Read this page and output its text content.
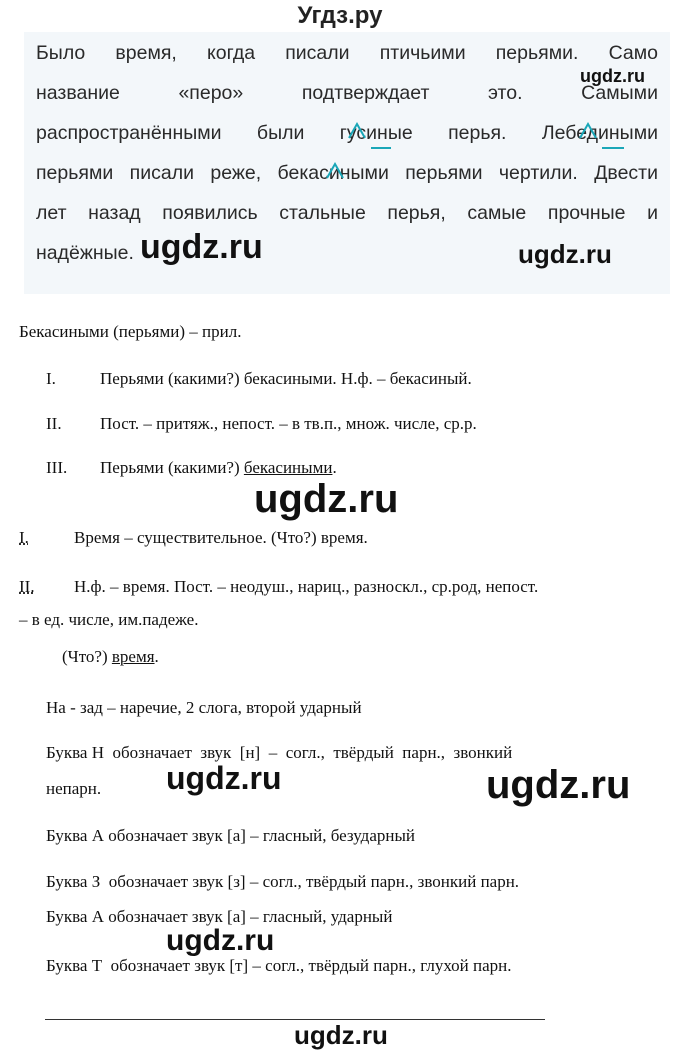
Угдз.ру

Было время, когда писали птичьими перьями. Само

название «перо» подтверждает это. Самыми

распространёнными были гусиные перья. Лебедиными

перьями писали реже, бекасиными перьями чертили. Двести

лет назад появились стальные перья, самые прочные и

надёжные.

ugdz.ru
ugdz.ru	ugdz.ru
ugdz.ru
ugdz.ru	ugdz.ru
ugdz.ru
ugdz.ru
Бекасиными (перьями) – прил.
I.	Перьями (какими?) бекасиными. Н.ф. – бекасиный.
II. Пост. – притяж., непост. – в тв.п., множ. числе, ср.р.
III. Перьями (какими?) бекасиными.
I.	Время – существительное. (Что?) время.
II. Н.ф. – время. Пост. – неодуш., нариц., разноскл., ср.род, непост.
– в ед. числе, им.падеже.
(Что?) время.
На - зад – наречие, 2 слога, второй ударный
Буква Н  обозначает  звук  [н]  –  согл.,  твёрдый  парн.,  звонкий
непарн.
Буква А обозначает звук [а] – гласный, безударный
Буква З  обозначает звук [з] – согл., твёрдый парн., звонкий парн.
Буква А обозначает звук [а] – гласный, ударный
Буква Т  обозначает звук [т] – согл., твёрдый парн., глухой парн.
